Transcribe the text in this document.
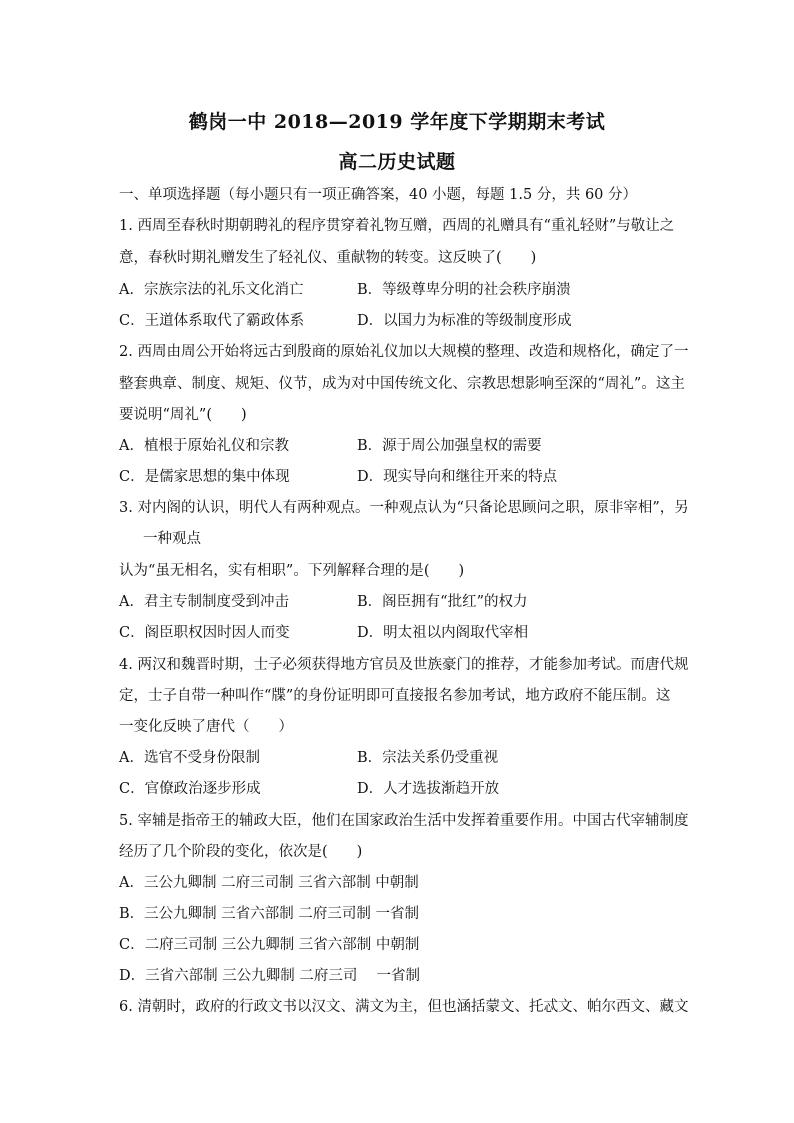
鹤岗一中 2018—2019 学年度下学期期末考试
高二历史试题
一、单项选择题（每小题只有一项正确答案，40 小题，每题 1.5 分，共 60 分）
1. 西周至春秋时期朝聘礼的程序贯穿着礼物互赠，西周的礼赠具有“重礼轻财”与敬让之
意，春秋时期礼赠发生了轻礼仪、重献物的转变。这反映了(　　)
A．宗族宗法的礼乐文化消亡	B．等级尊卑分明的社会秩序崩溃
C．王道体系取代了霸政体系	D．以国力为标准的等级制度形成
2. 西周由周公开始将远古到殷商的原始礼仪加以大规模的整理、改造和规格化，确定了一
整套典章、制度、规矩、仪节，成为对中国传统文化、宗教思想影响至深的“周礼”。这主
要说明“周礼”(　　)
A．植根于原始礼仪和宗教	B．源于周公加强皇权的需要
C．是儒家思想的集中体现	D．现实导向和继往开来的特点
3. 对内阁的认识，明代人有两种观点。一种观点认为“只备论思顾问之职，原非宰相”，另
一种观点
认为“虽无相名，实有相职”。下列解释合理的是(　　)
A．君主专制制度受到冲击	B．阁臣拥有“批红”的权力
C．阁臣职权因时因人而变	D．明太祖以内阁取代宰相
4. 两汉和魏晋时期，士子必须获得地方官员及世族豪门的推荐，才能参加考试。而唐代规
定，士子自带一种叫作“牒”的身份证明即可直接报名参加考试，地方政府不能压制。这
一变化反映了唐代（　　）
A．选官不受身份限制	B．宗法关系仍受重视
C．官僚政治逐步形成	D．人才选拔渐趋开放
5. 宰辅是指帝王的辅政大臣，他们在国家政治生活中发挥着重要作用。中国古代宰辅制度
经历了几个阶段的变化，依次是(　　)
A．三公九卿制 二府三司制 三省六部制 中朝制
B．三公九卿制 三省六部制 二府三司制 一省制
C．二府三司制 三公九卿制 三省六部制 中朝制
D．三省六部制 三公九卿制 二府三司　 一省制
6. 清朝时，政府的行政文书以汉文、满文为主，但也涵括蒙文、托忒文、帕尔西文、藏文
